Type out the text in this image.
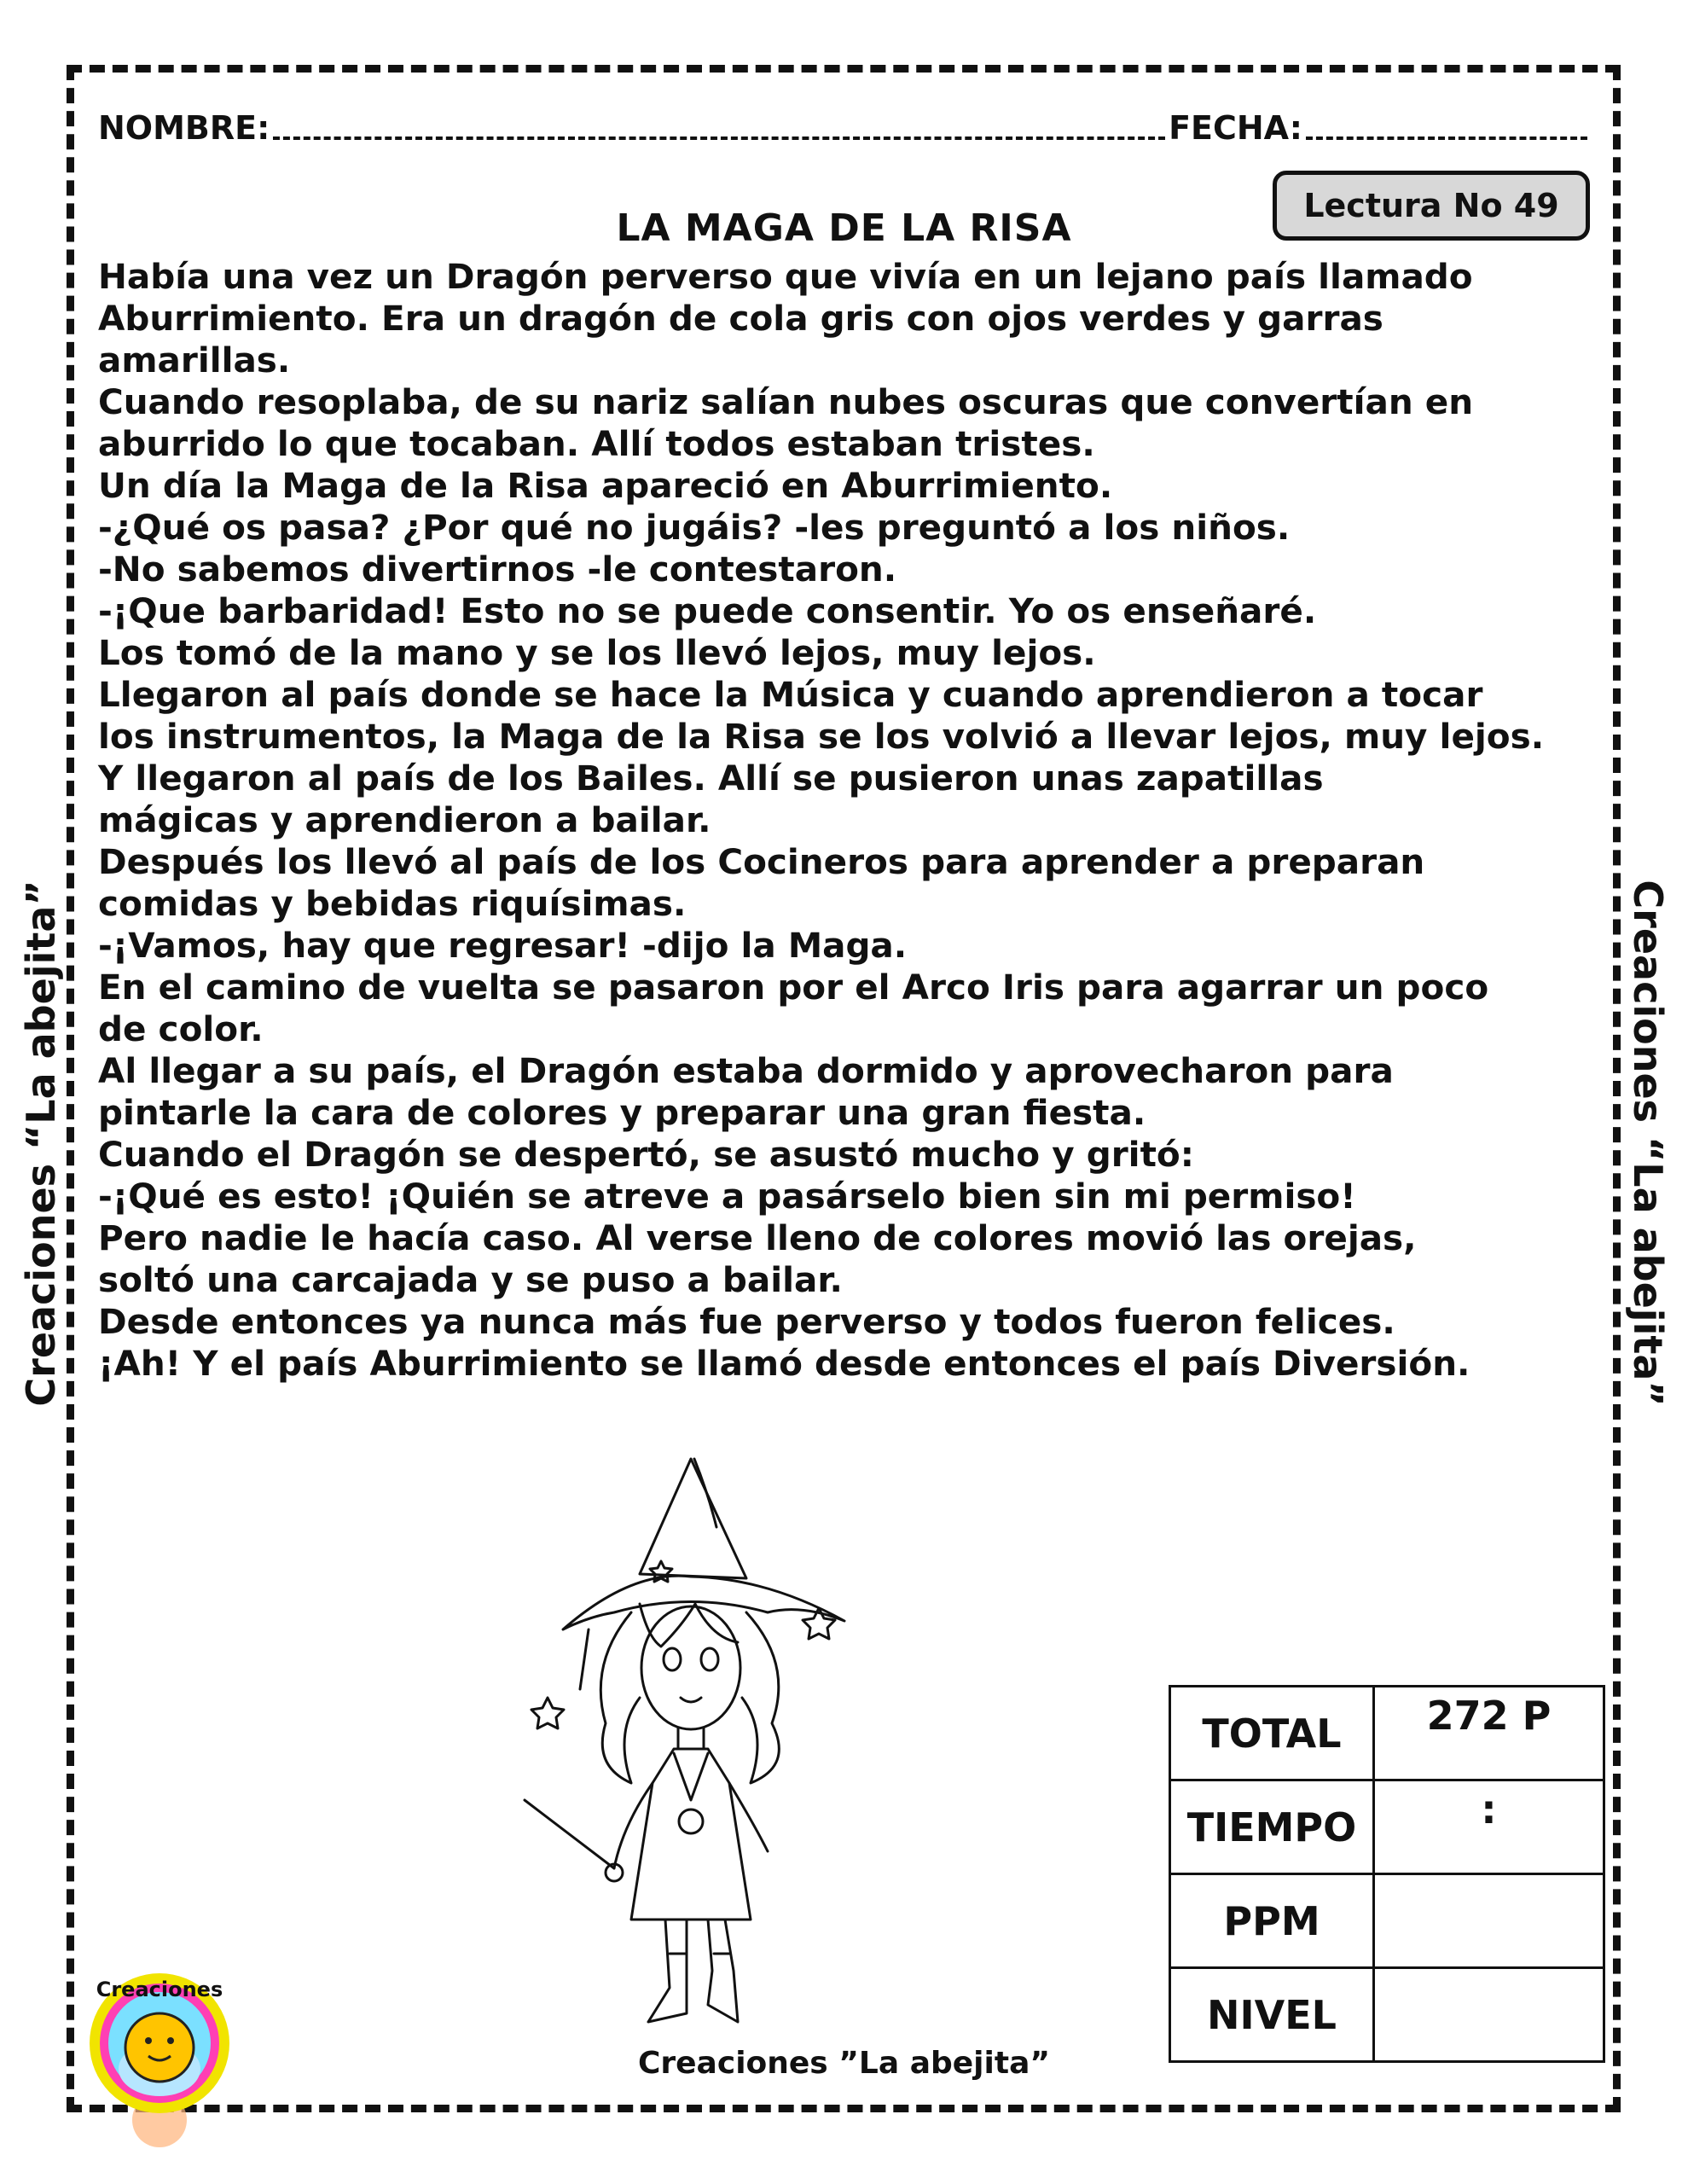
NOMBRE:	FECHA:
Lectura No 49
LA MAGA DE LA RISA

Había una vez un Dragón perverso que vivía en un lejano país llamado

Aburrimiento. Era un dragón de cola gris con ojos verdes y garras

amarillas.

Cuando resoplaba, de su nariz salían nubes oscuras que convertían en

aburrido lo que tocaban. Allí todos estaban tristes.

Un día la Maga de la Risa apareció en Aburrimiento.

-¿Qué os pasa? ¿Por qué no jugáis? -les preguntó a los niños.

-No sabemos divertirnos -le contestaron.

-¡Que barbaridad! Esto no se puede consentir. Yo os enseñaré.

Los tomó de la mano y se los llevó lejos, muy lejos.

Llegaron al país donde se hace la Música y cuando aprendieron a tocar

los instrumentos, la Maga de la Risa se los volvió a llevar lejos, muy lejos.

Y llegaron al país de los Bailes. Allí se pusieron unas zapatillas

mágicas y aprendieron a bailar.

Después los llevó al país de los Cocineros para aprender a preparan

comidas y bebidas riquísimas.

-¡Vamos, hay que regresar! -dijo la Maga.

En el camino de vuelta se pasaron por el Arco Iris para agarrar un poco

de color.

Al llegar a su país, el Dragón estaba dormido y aprovecharon para

pintarle la cara de colores y preparar una gran fiesta.

Cuando el Dragón se despertó, se asustó mucho y gritó:

-¡Qué es esto! ¡Quién se atreve a pasárselo bien sin mi permiso!

Pero nadie le hacía caso. Al verse lleno de colores movió las orejas,

soltó una carcajada y se puso a bailar.

Desde entonces ya nunca más fue perverso y todos fueron felices.

¡Ah! Y el país Aburrimiento se llamó desde entonces el país Diversión.

Creaciones “La abejita”	Creaciones “La abejita”
TOTAL	272 P
TIEMPO	:
PPM	
NIVEL	
Creaciones ”La abejita”
Creaciones
